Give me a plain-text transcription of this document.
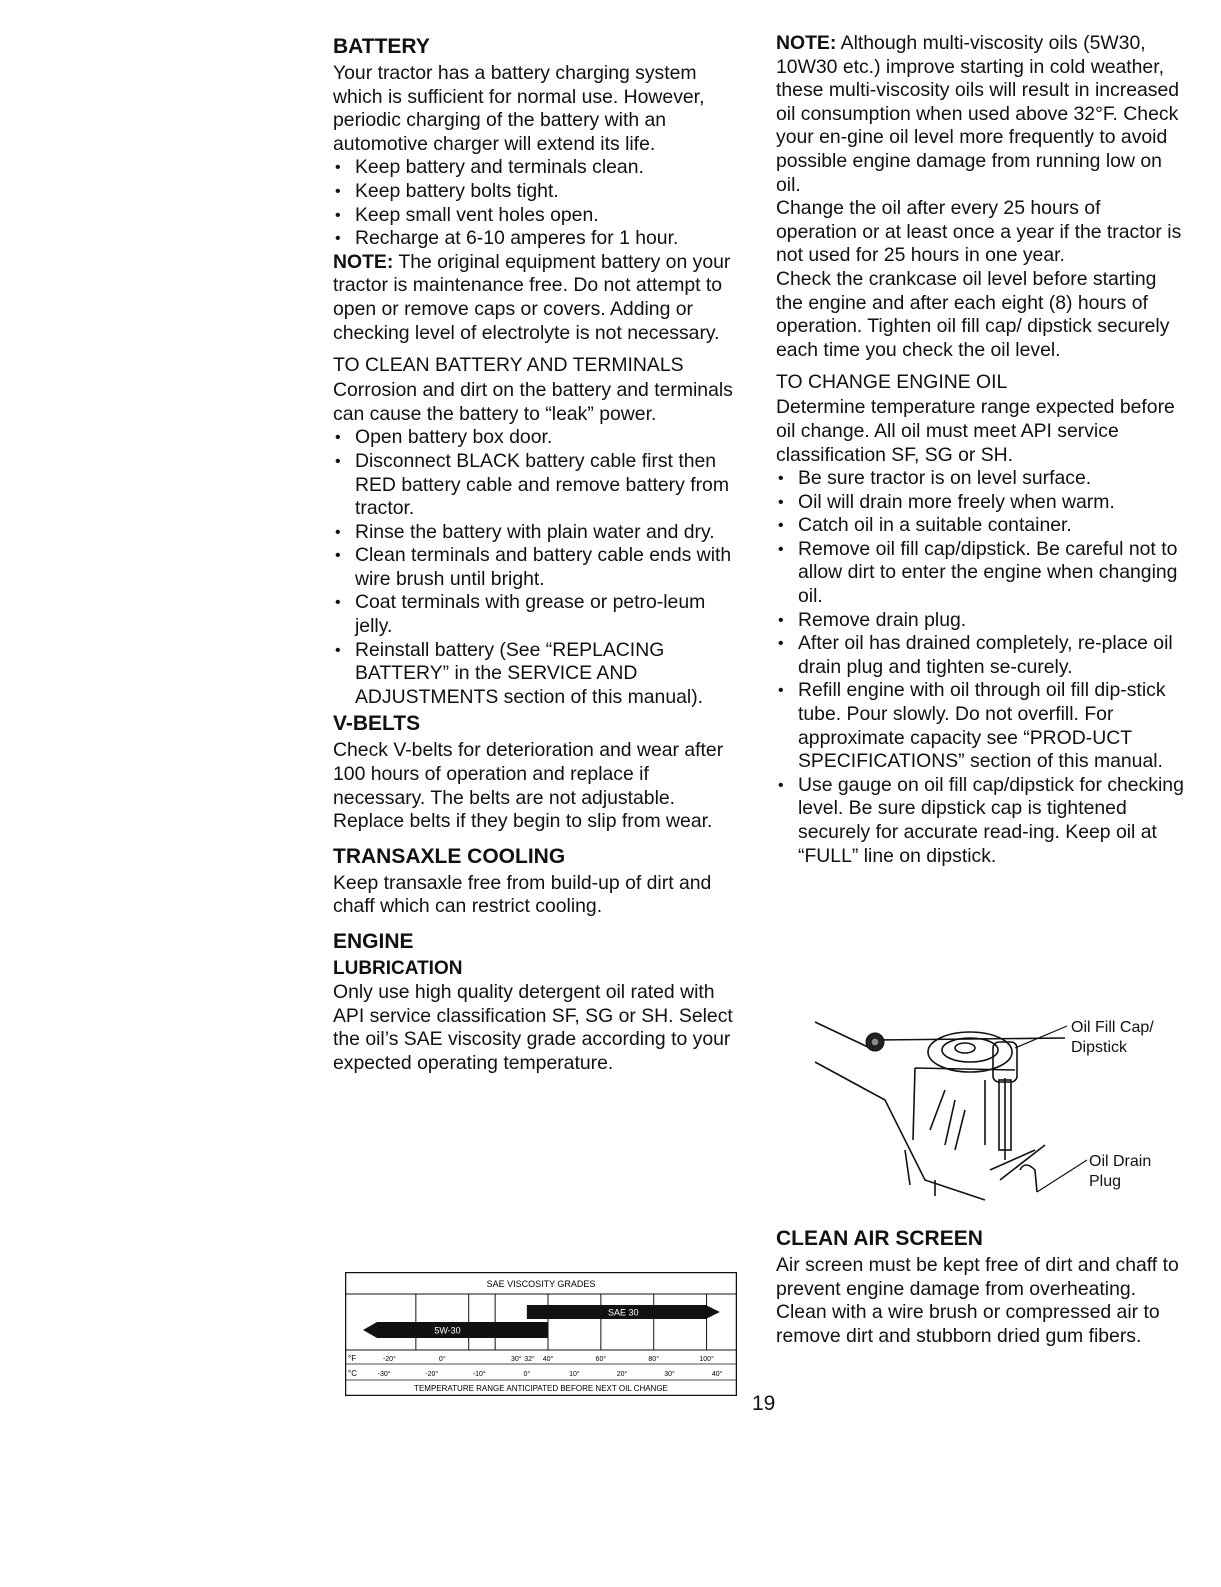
BATTERY

Your tractor has a battery charging system which is sufficient for normal use. However, periodic charging of the battery with an automotive charger will extend its life.

• Keep battery and terminals clean.
• Keep battery bolts tight.
• Keep small vent holes open.
• Recharge at 6-10 amperes for 1 hour.

NOTE: The original equipment battery on your tractor is maintenance free. Do not attempt to open or remove caps or covers. Adding or checking level of electrolyte is not necessary.

TO CLEAN BATTERY AND TERMINALS

Corrosion and dirt on the battery and terminals can cause the battery to “leak” power.

• Open battery box door.
• Disconnect BLACK battery cable first then RED battery cable and remove battery from tractor.
• Rinse the battery with plain water and dry.
• Clean terminals and battery cable ends with wire brush until bright.
• Coat terminals with grease or petro-leum jelly.
• Reinstall battery (See “REPLACING BATTERY” in the SERVICE AND ADJUSTMENTS section of this manual).
V-BELTS

Check V-belts for deterioration and wear after 100 hours of operation and replace if necessary. The belts are not adjustable. Replace belts if they begin to slip from wear.

TRANSAXLE COOLING

Keep transaxle free from build-up of dirt and chaff which can restrict cooling.

ENGINE
LUBRICATION

Only use high quality detergent oil rated with API service classification SF, SG or SH. Select the oil’s SAE viscosity grade according to your expected operating temperature.

SAE VISCOSITY GRADES
5W-30
SAE 30
°F	-20°	0°	30° 32° 40°	60°	80°	100°
°C	-30°	-20°	-10°	0°	10°	20°	30°	40°
TEMPERATURE RANGE ANTICIPATED BEFORE NEXT OIL CHANGE
19

NOTE: Although multi-viscosity oils (5W30, 10W30 etc.) improve starting in cold weather, these multi-viscosity oils will result in increased oil consumption when used above 32°F. Check your en-gine oil level more frequently to avoid possible engine damage from running low on oil.

Change the oil after every 25 hours of operation or at least once a year if the tractor is not used for 25 hours in one year.

Check the crankcase oil level before starting the engine and after each eight (8) hours of operation. Tighten oil fill cap/ dipstick securely each time you check the oil level.

TO CHANGE ENGINE OIL

Determine temperature range expected before oil change. All oil must meet API service classification SF, SG or SH.

• Be sure tractor is on level surface.
• Oil will drain more freely when warm.
• Catch oil in a suitable container.
• Remove oil fill cap/dipstick. Be careful not to allow dirt to enter the engine when changing oil.
• Remove drain plug.
• After oil has drained completely, re-place oil drain plug and tighten se-curely.
• Refill engine with oil through oil fill dip-stick tube. Pour slowly. Do not overfill. For approximate capacity see “PROD-UCT SPECIFICATIONS” section of this manual.
• Use gauge on oil fill cap/dipstick for checking level. Be sure dipstick cap is tightened securely for accurate read-ing. Keep oil at “FULL” line on dipstick.
Oil Fill Cap/ Dipstick
Oil Drain Plug
CLEAN AIR SCREEN

Air screen must be kept free of dirt and chaff to prevent engine damage from overheating. Clean with a wire brush or compressed air to remove dirt and stubborn dried gum fibers.
